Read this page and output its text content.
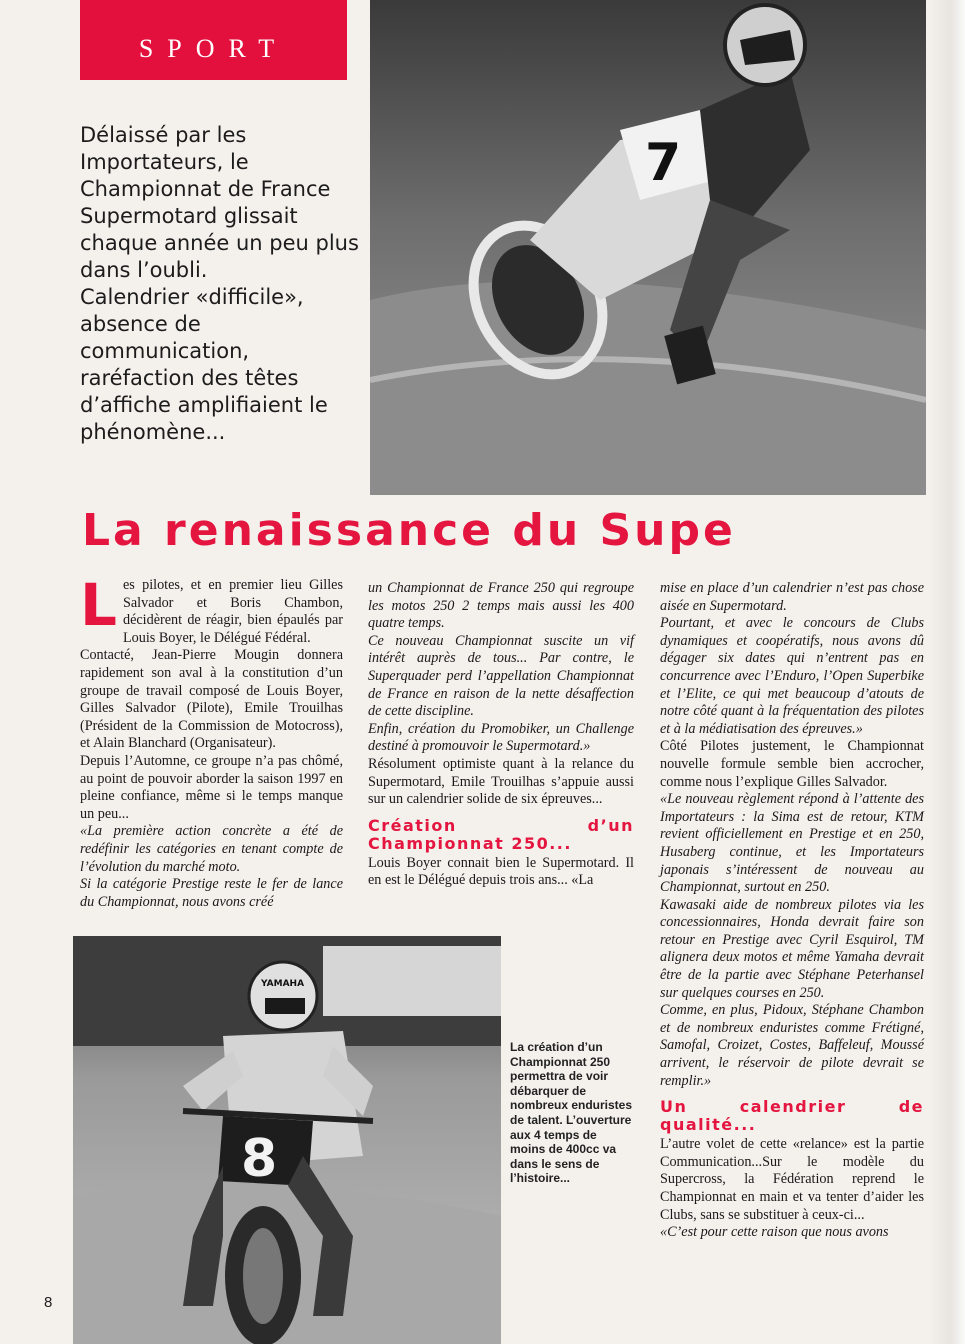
SPORT

Délaissé par les Importateurs, le Championnat de France Supermotard glissait chaque année un peu plus dans l’oubli.

Calendrier «difficile», absence de communication, raréfaction des têtes d’affiche amplifiaient le phénomène...

7
La renaissance du Supe
L es pilotes, et en premier lieu Gilles Salvador et Boris Chambon, décidèrent de réagir, bien épaulés par Louis Boyer, le Délégué Fédéral.

Contacté, Jean-Pierre Mougin donnera rapidement son aval à la constitution d’un groupe de travail composé de Louis Boyer, Gilles Salvador (Pilote), Emile Trouilhas (Président de la Commission de Motocross), et Alain Blanchard (Organisateur).

Depuis l’Automne, ce groupe n’a pas chômé, au point de pouvoir aborder la saison 1997 en pleine confiance, même si le temps manque un peu...

«La première action concrète a été de redéfinir les catégories en tenant compte de l’évolution du marché moto.

Si la catégorie Prestige reste le fer de lance du Championnat, nous avons créé

un Championnat de France 250 qui regroupe les motos 250 2 temps mais aussi les 400 quatre temps.

Ce nouveau Championnat suscite un vif intérêt auprès de tous... Par contre, le Superquader perd l’appellation Championnat de France en raison de la nette désaffection de cette discipline.

Enfin, création du Promobiker, un Challenge destiné à promouvoir le Supermotard.»

Résolument optimiste quant à la relance du Supermotard, Emile Trouilhas s’appuie aussi sur un calendrier solide de six épreuves...

Création d’un Championnat 250...

Louis Boyer connait bien le Supermotard. Il en est le Délégué depuis trois ans... «La

mise en place d’un calendrier n’est pas chose aisée en Supermotard.

Pourtant, et avec le concours de Clubs dynamiques et coopératifs, nous avons dû dégager six dates qui n’entrent pas en concurrence avec l’Enduro, l’Open Superbike et l’Elite, ce qui met beaucoup d’atouts de notre côté quant à la fréquentation des pilotes et à la médiatisation des épreuves.»

Côté Pilotes justement, le Championnat nouvelle formule semble bien accrocher, comme nous l’explique Gilles Salvador.

«Le nouveau règlement répond à l’attente des Importateurs : la Sima est de retour, KTM revient officiellement en Prestige et en 250, Husaberg continue, et les Importateurs japonais s’intéressent de nouveau au Championnat, surtout en 250.

Kawasaki aide de nombreux pilotes via les concessionnaires, Honda devrait faire son retour en Prestige avec Cyril Esquirol, TM alignera deux motos et même Yamaha devrait être de la partie avec Stéphane Peterhansel sur quelques courses en 250.

Comme, en plus, Pidoux, Stéphane Chambon et de nombreux enduristes comme Frétigné, Samofal, Croizet, Costes, Baffeleuf, Moussé arrivent, le réservoir de pilote devrait se remplir.»

Un calendrier de qualité...

L’autre volet de cette «relance» est la partie Communication...Sur le modèle du Supercross, la Fédération reprend le Championnat en main et va tenter d’aider les Clubs, sans se substituer à ceux-ci...

«C’est pour cette raison que nous avons

YAMAHA
8
La création d’un Championnat 250 permettra de voir débarquer de nombreux enduristes de talent. L’ouverture aux 4 temps de moins de 400cc va dans le sens de l’histoire...
8
